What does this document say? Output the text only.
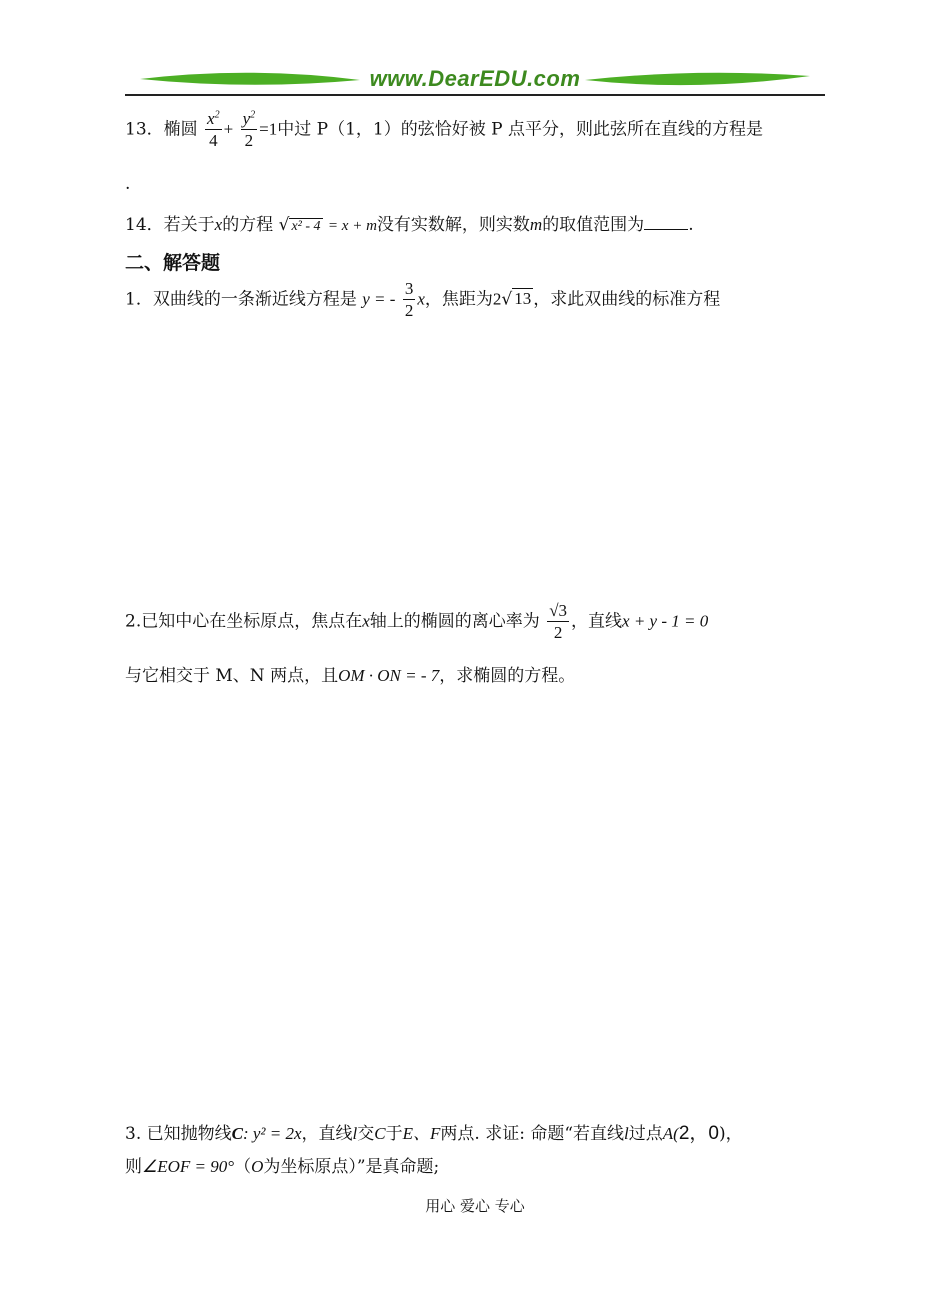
www.DearEDU.com
13．椭圆 $\frac{x^2}{4} + \frac{y^2}{2} =1$中过 P（1，1）的弦恰好被 P 点平分，则此弦所在直线的方程是
.
14．若关于x的方程 √ x² - 4 = x + m没有实数解，则实数m的取值范围为	.
二、解答题
1．双曲线的一条渐近线方程是 y = - $\frac{3}{2}$ x，焦距为2√ 13 ，求此双曲线的标准方程
2.已知中心在坐标原点，焦点在x轴上的椭圆的离心率为 $\frac{√3}{2}$ ，直线x + y - 1 = 0
与它相交于 M、N 两点，且OM · ON = - 7，求椭圆的方程。
3. 已知抛物线C: y² = 2x，直线l交C于E、F两点. 求证: 命题“若直线l过点A(2，0)，
则∠EOF = 90°（O为坐标原点）”是真命题;
用心 爱心 专心
